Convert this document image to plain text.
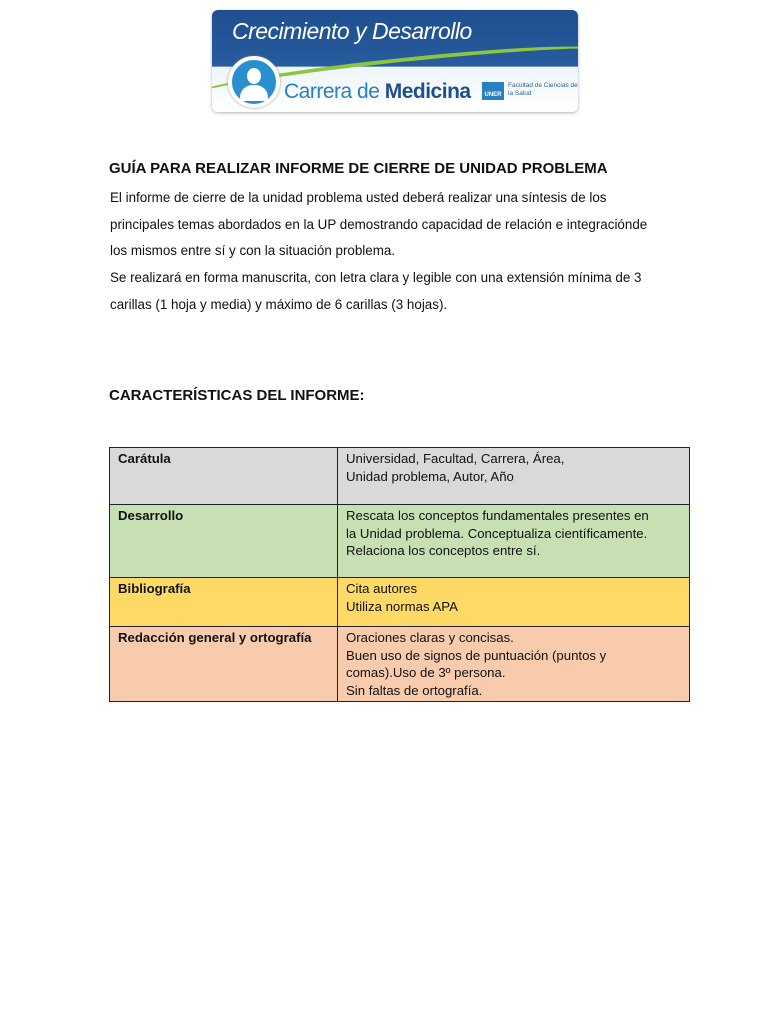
Crecimiento y Desarrollo
Carrera de Medicina	UNER
Facultad de Ciencias de la Salud
GUÍA PARA REALIZAR INFORME DE CIERRE DE UNIDAD PROBLEMA
El informe de cierre de la unidad problema usted deberá realizar una síntesis de los
principales temas abordados en la UP demostrando capacidad de relación e integracióndе
los mismos entre sí y con la situación problema.
Se realizará en forma manuscrita, con letra clara y legible con una extensión mínima de 3
carillas (1 hoja y media) y máximo de 6 carillas (3 hojas).
CARACTERÍSTICAS DEL INFORME:
Carátula	Universidad, Facultad, Carrera, Área,
Unidad problema, Autor, Año

Desarrollo	Rescata los conceptos fundamentales presentes en
la Unidad problema. Conceptualiza científicamente.
Relaciona los conceptos entre sí.

Bibliografía	Cita autores
Utiliza normas APA

Redacción general y ortografía	Oraciones claras y concisas.
Buen uso de signos de puntuación (puntos y
comas).Uso de 3º persona.
Sin faltas de ortografía.
